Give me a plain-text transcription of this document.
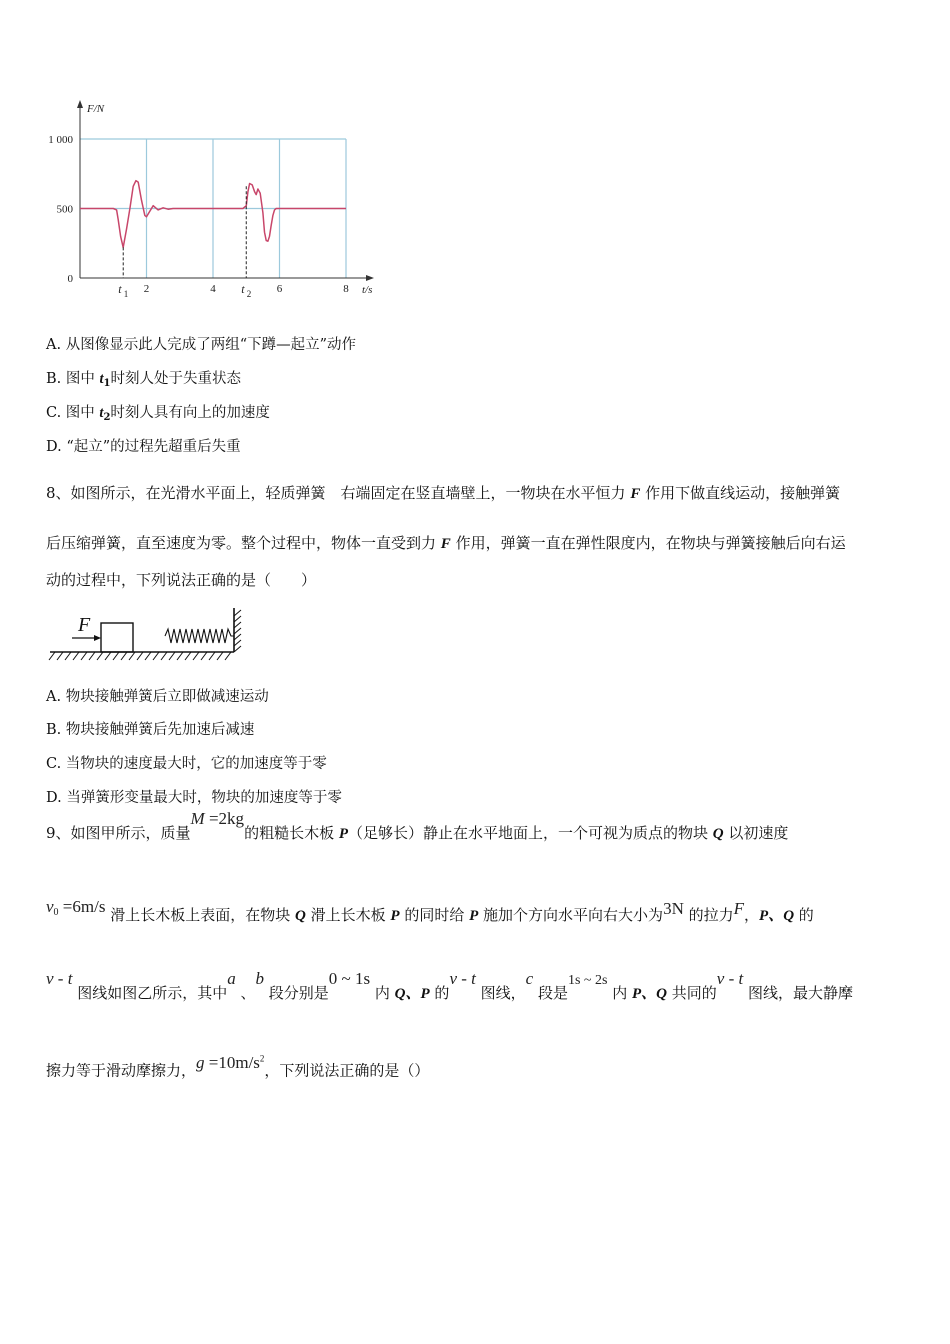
F/N
t/s
1 000
500
0
2	4	6	8
t 1	t 2
A. 从图像显示此人完成了两组“下蹲—起立”动作
B. 图中 $t_1$时刻人处于失重状态
C. 图中 $t_2$时刻人具有向上的加速度
D. “起立”的过程先超重后失重
8、如图所示，在光滑水平面上，轻质弹簧　右端固定在竖直墙壁上，一物块在水平恒力 F 作用下做直线运动，接触弹簧
后压缩弹簧，直至速度为零。整个过程中，物体一直受到力 F 作用，弹簧一直在弹性限度内，在物块与弹簧接触后向右运
动的过程中，下列说法正确的是（　　）
F
A. 物块接触弹簧后立即做减速运动
B. 物块接触弹簧后先加速后减速
C. 当物块的速度最大时，它的加速度等于零
D. 当弹簧形变量最大时，物块的加速度等于零
9、如图甲所示，质量M =2kg的粗糙长木板 P（足够长）静止在水平地面上，一个可视为质点的物块 Q 以初速度
$v_0 =6m/s$ 滑上长木板上表面，在物块 Q 滑上长木板 P 的同时给 P 施加个方向水平向右大小为3N 的拉力F，P、Q 的
v - t 图线如图乙所示，其中a 、b 段分别是0 ~ 1s 内 Q、P 的v - t 图线，c 段是1s ~ 2s 内 P、Q 共同的v - t 图线，最大静摩
擦力等于滑动摩擦力，$g =10m/s^2$，下列说法正确的是（）
